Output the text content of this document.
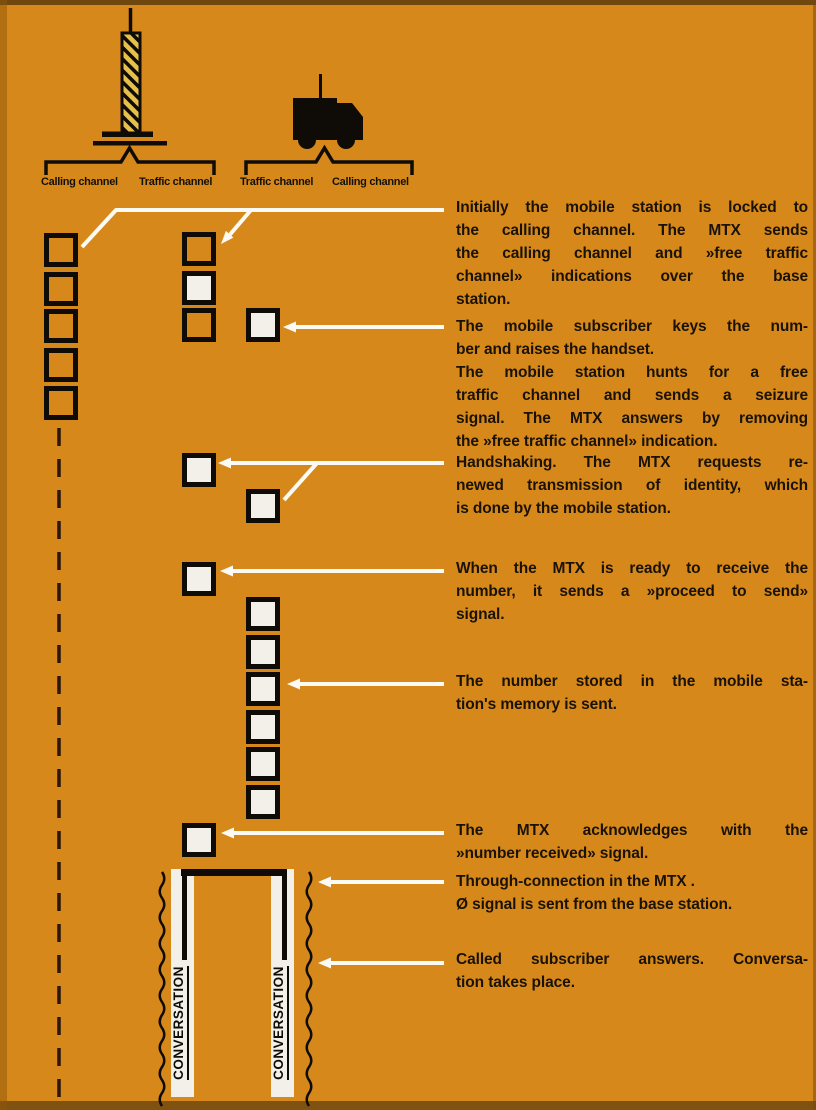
Calling channel Traffic channel	Traffic channel Calling channel
CONVERSATION	CONVERSATION
Initially the mobile station is locked to
the calling channel. The MTX sends
the calling channel and »free traffic
channel» indications over the base
station.
The mobile subscriber keys the num-
ber and raises the handset.
The mobile station hunts for a free
traffic channel and sends a seizure
signal. The MTX answers by removing
the »free traffic channel» indication.
Handshaking. The MTX requests re-
newed transmission of identity, which
is done by the mobile station.
When the MTX is ready to receive the
number, it sends a »proceed to send»
signal.
The number stored in the mobile sta-
tion's memory is sent.
The MTX acknowledges with the
»number received» signal.
Through-connection in the MTX .
Ø signal is sent from the base station.
Called subscriber answers. Conversa-
tion takes place.
